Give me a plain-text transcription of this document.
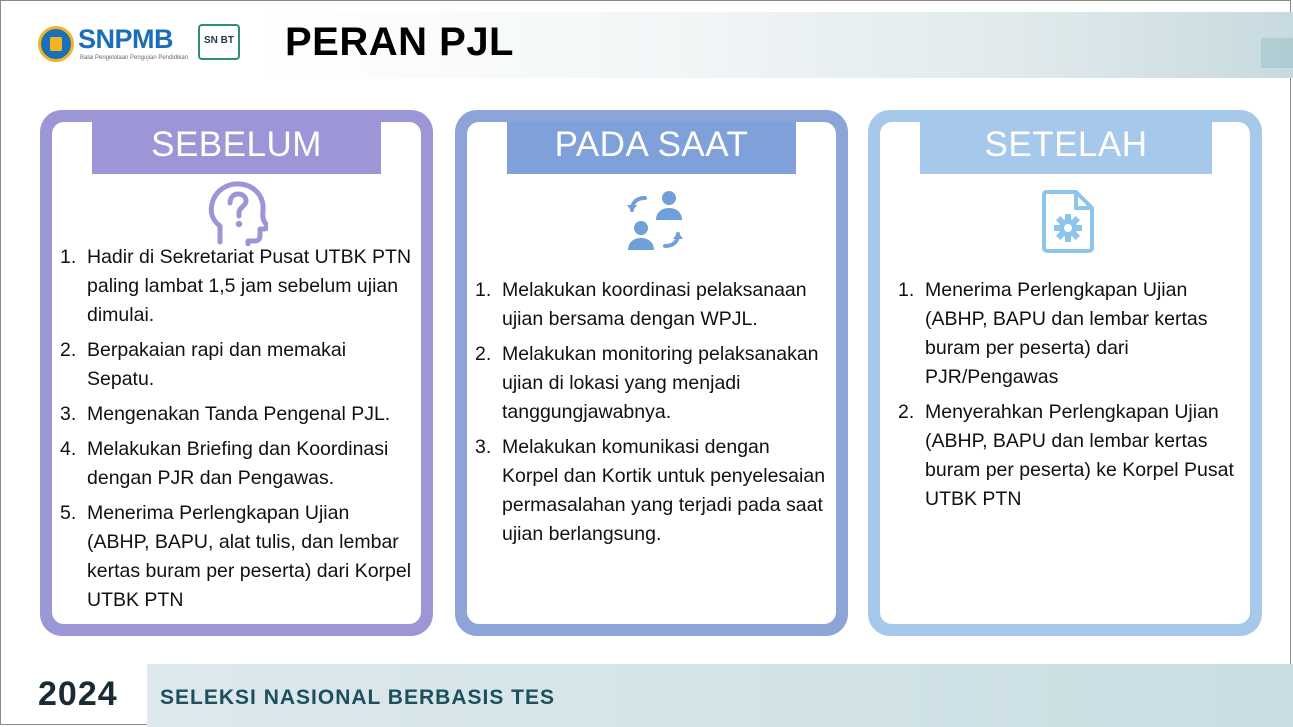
SNPMB
Balai Pengelolaan Pengujian Pendidikan
SN BT PERAN PJL
SEBELUM
1. Hadir di Sekretariat Pusat UTBK PTN paling lambat 1,5 jam sebelum ujian dimulai.
2. Berpakaian rapi dan memakai Sepatu.
3. Mengenakan Tanda Pengenal PJL.
4. Melakukan Briefing dan Koordinasi dengan PJR dan Pengawas.
5. Menerima Perlengkapan Ujian (ABHP, BAPU, alat tulis, dan lembar kertas buram per peserta) dari Korpel UTBK PTN
PADA SAAT
1. Melakukan koordinasi pelaksanaan ujian bersama dengan WPJL.
2. Melakukan monitoring pelaksanakan ujian di lokasi yang menjadi tanggungjawabnya.
3. Melakukan komunikasi dengan Korpel dan Kortik untuk penyelesaian permasalahan yang terjadi pada saat ujian berlangsung.
SETELAH
1. Menerima Perlengkapan Ujian (ABHP, BAPU dan lembar kertas buram per peserta) dari PJR/Pengawas
2. Menyerahkan Perlengkapan Ujian (ABHP, BAPU dan lembar kertas buram per peserta) ke Korpel Pusat UTBK PTN
2024 SELEKSI NASIONAL BERBASIS TES
